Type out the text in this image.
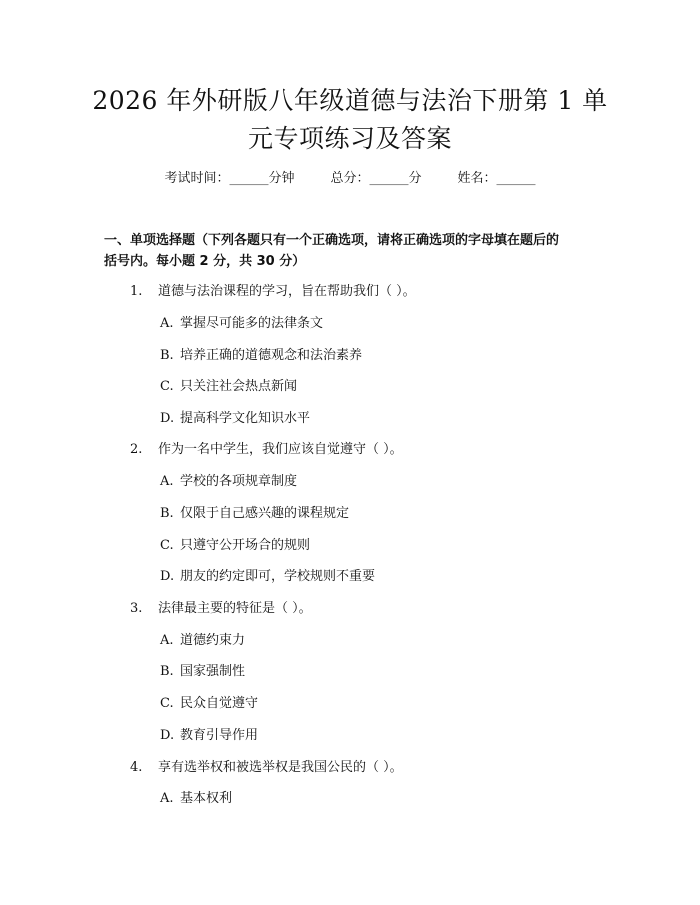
2026 年外研版八年级道德与法治下册第 1 单
元专项练习及答案
考试时间：______分钟	总分：______分	姓名：______
一、单项选择题（下列各题只有一个正确选项，请将正确选项的字母填在题后的
括号内。每小题 2 分，共 30 分）
1. 道德与法治课程的学习，旨在帮助我们（ ）。
A. 掌握尽可能多的法律条文
B. 培养正确的道德观念和法治素养
C. 只关注社会热点新闻
D. 提高科学文化知识水平
2. 作为一名中学生，我们应该自觉遵守（ ）。
A. 学校的各项规章制度
B. 仅限于自己感兴趣的课程规定
C. 只遵守公开场合的规则
D. 朋友的约定即可，学校规则不重要
3. 法律最主要的特征是（ ）。
A. 道德约束力
B. 国家强制性
C. 民众自觉遵守
D. 教育引导作用
4. 享有选举权和被选举权是我国公民的（ ）。
A. 基本权利
